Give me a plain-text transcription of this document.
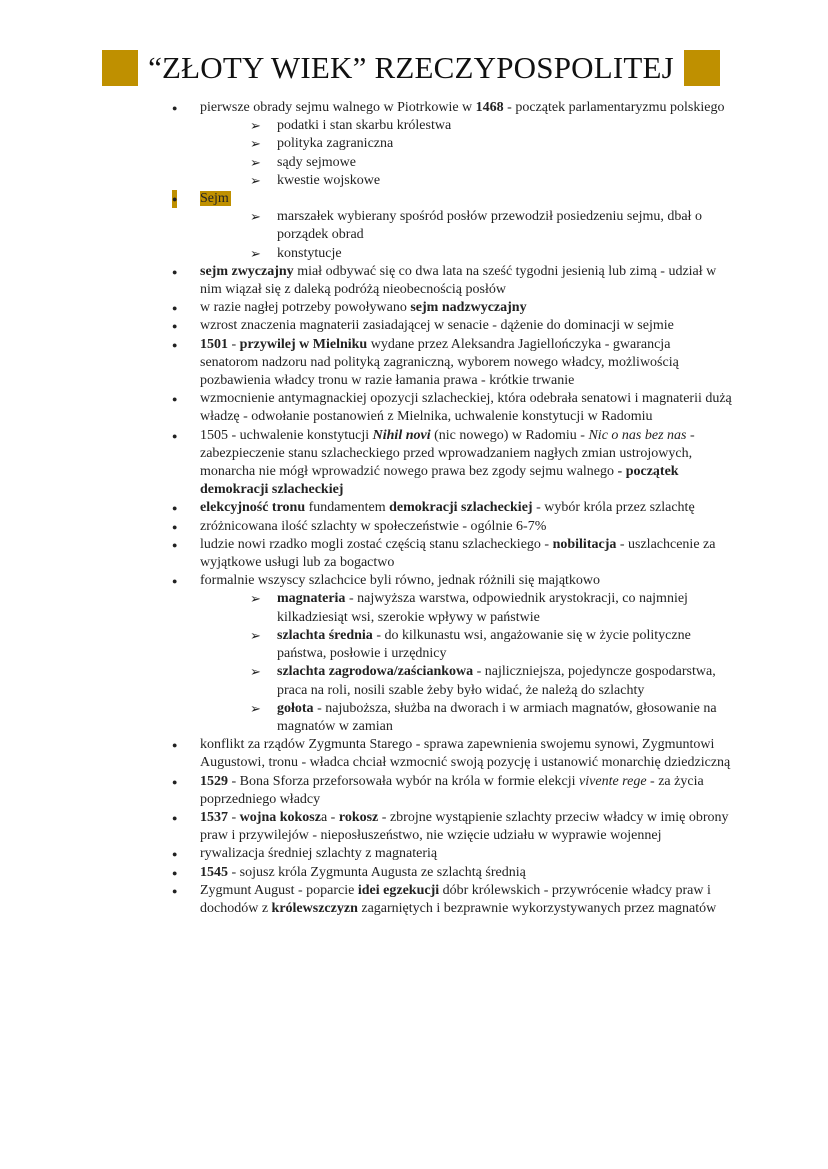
“ZŁOTY WIEK” RZECZYPOSPOLITEJ
● pierwsze obrady sejmu walnego w Piotrkowie w 1468 - początek parlamentaryzmu polskiego
➢ podatki i stan skarbu królestwa
➢ polityka zagraniczna
➢ sądy sejmowe
➢ kwestie wojskowe
● Sejm
➢ marszałek wybierany spośród posłów przewodził posiedzeniu sejmu, dbał o porządek obrad
➢ konstytucje
● sejm zwyczajny miał odbywać się co dwa lata na sześć tygodni jesienią lub zimą - udział w nim wiązał się z daleką podróżą nieobecnością posłów
● w razie nagłej potrzeby powoływano sejm nadzwyczajny
● wzrost znaczenia magnaterii zasiadającej w senacie - dążenie do dominacji w sejmie
● 1501 - przywilej w Mielniku wydane przez Aleksandra Jagiellończyka - gwarancja senatorom nadzoru nad polityką zagraniczną, wyborem nowego władcy, możliwością pozbawienia władcy tronu w razie łamania prawa - krótkie trwanie
● wzmocnienie antymagnackiej opozycji szlacheckiej, która odebrała senatowi i magnaterii dużą władzę - odwołanie postanowień z Mielnika, uchwalenie konstytucji w Radomiu
● 1505 - uchwalenie konstytucji Nihil novi (nic nowego) w Radomiu - Nic o nas bez nas - zabezpieczenie stanu szlacheckiego przed wprowadzaniem nagłych zmian ustrojowych, monarcha nie mógł wprowadzić nowego prawa bez zgody sejmu walnego - początek demokracji szlacheckiej
● elekcyjność tronu fundamentem demokracji szlacheckiej - wybór króla przez szlachtę
● zróżnicowana ilość szlachty w społeczeństwie - ogólnie 6-7%
● ludzie nowi rzadko mogli zostać częścią stanu szlacheckiego - nobilitacja - uszlachcenie za wyjątkowe usługi lub za bogactwo
● formalnie wszyscy szlachcice byli równo, jednak różnili się majątkowo
➢ magnateria - najwyższa warstwa, odpowiednik arystokracji, co najmniej kilkadziesiąt wsi, szerokie wpływy w państwie
➢ szlachta średnia - do kilkunastu wsi, angażowanie się w życie polityczne państwa, posłowie i urzędnicy
➢ szlachta zagrodowa/zaściankowa - najliczniejsza, pojedyncze gospodarstwa, praca na roli, nosili szable żeby było widać, że należą do szlachty
➢ gołota - najuboższa, służba na dworach i w armiach magnatów, głosowanie na magnatów w zamian
● konflikt za rządów Zygmunta Starego - sprawa zapewnienia swojemu synowi, Zygmuntowi Augustowi, tronu - władca chciał wzmocnić swoją pozycję i ustanowić monarchię dziedziczną
● 1529 - Bona Sforza przeforsowała wybór na króla w formie elekcji vivente rege - za życia poprzedniego władcy
● 1537 - wojna kokosza - rokosz - zbrojne wystąpienie szlachty przeciw władcy w imię obrony praw i przywilejów - nieposłuszeństwo, nie wzięcie udziału w wyprawie wojennej
● rywalizacja średniej szlachty z magnaterią
● 1545 - sojusz króla Zygmunta Augusta ze szlachtą średnią
● Zygmunt August - poparcie idei egzekucji dóbr królewskich - przywrócenie władcy praw i dochodów z królewszczyzn zagarniętych i bezprawnie wykorzystywanych przez magnatów
